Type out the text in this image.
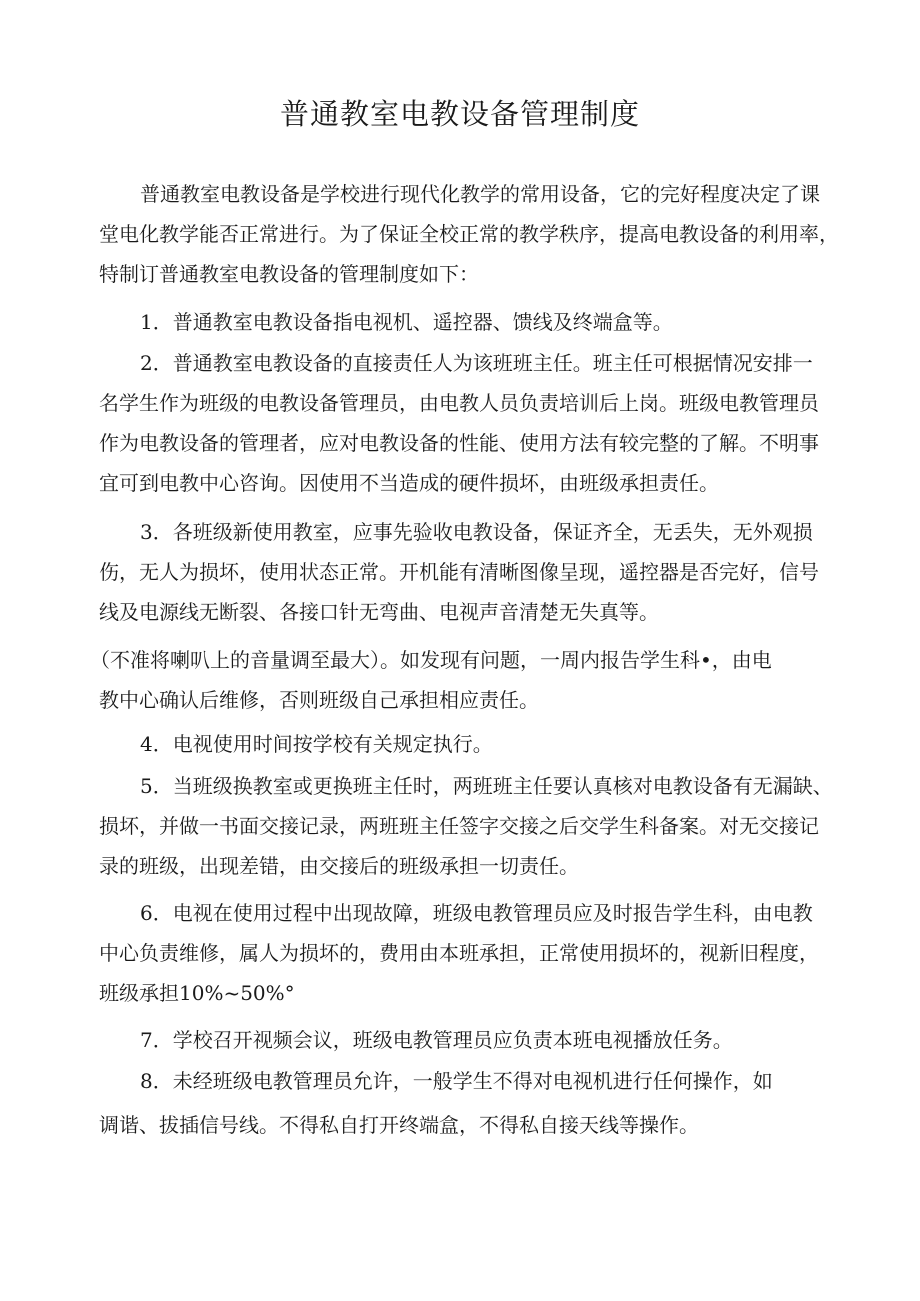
普通教室电教设备管理制度

普通教室电教设备是学校进行现代化教学的常用设备，它的完好程度决定了课
堂电化教学能否正常进行。为了保证全校正常的教学秩序，提高电教设备的利用率，
特制订普通教室电教设备的管理制度如下：

1．普通教室电教设备指电视机、遥控器、馈线及终端盒等。

2．普通教室电教设备的直接责任人为该班班主任。班主任可根据情况安排一
名学生作为班级的电教设备管理员，由电教人员负责培训后上岗。班级电教管理员
作为电教设备的管理者，应对电教设备的性能、使用方法有较完整的了解。不明事
宜可到电教中心咨询。因使用不当造成的硬件损坏，由班级承担责任。

3．各班级新使用教室，应事先验收电教设备，保证齐全，无丢失，无外观损
伤，无人为损坏，使用状态正常。开机能有清晰图像呈现，遥控器是否完好，信号
线及电源线无断裂、各接口针无弯曲、电视声音清楚无失真等。

（不准将喇叭上的音量调至最大）。如发现有问题，一周内报告学生科•，由电
教中心确认后维修，否则班级自己承担相应责任。

4．电视使用时间按学校有关规定执行。

5．当班级换教室或更换班主任时，两班班主任要认真核对电教设备有无漏缺、
损坏，并做一书面交接记录，两班班主任签字交接之后交学生科备案。对无交接记
录的班级，出现差错，由交接后的班级承担一切责任。

6．电视在使用过程中出现故障，班级电教管理员应及时报告学生科，由电教
中心负责维修，属人为损坏的，费用由本班承担，正常使用损坏的，视新旧程度，
班级承担10%~50%°

7．学校召开视频会议，班级电教管理员应负责本班电视播放任务。

8．未经班级电教管理员允许，一般学生不得对电视机进行任何操作，如
调谐、拔插信号线。不得私自打开终端盒，不得私自接天线等操作。
